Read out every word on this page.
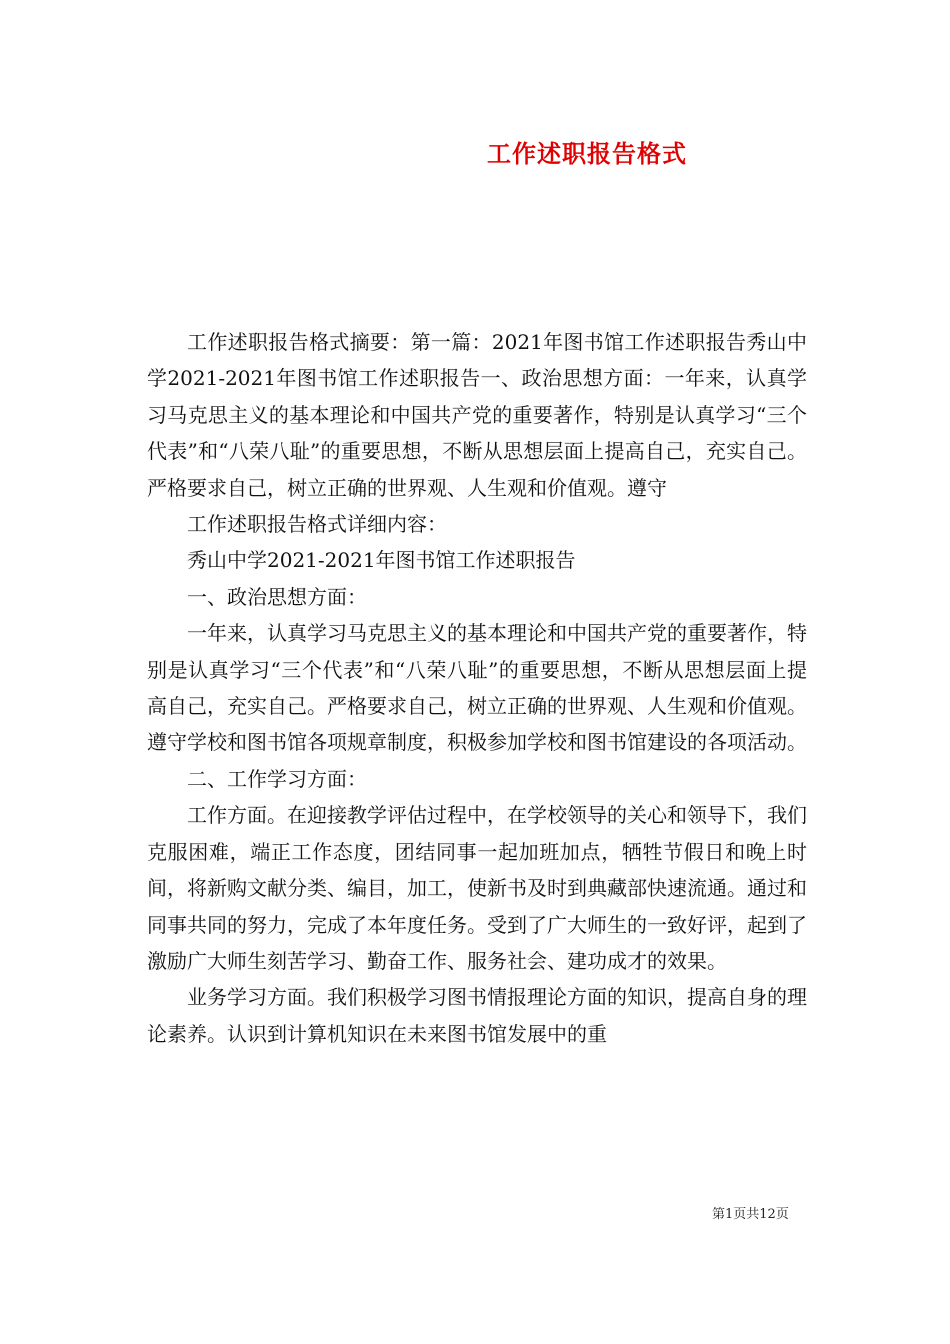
工作述职报告格式

工作述职报告格式摘要：第一篇：2021年图书馆工作述职报告秀山中学2021-2021年图书馆工作述职报告一、政治思想方面：一年来，认真学习马克思主义的基本理论和中国共产党的重要著作，特别是认真学习“三个代表”和“八荣八耻”的重要思想，不断从思想层面上提高自己，充实自己。严格要求自己，树立正确的世界观、人生观和价值观。遵守

工作述职报告格式详细内容：

秀山中学2021-2021年图书馆工作述职报告

一、政治思想方面：

一年来，认真学习马克思主义的基本理论和中国共产党的重要著作，特别是认真学习“三个代表”和“八荣八耻”的重要思想，不断从思想层面上提高自己，充实自己。严格要求自己，树立正确的世界观、人生观和价值观。遵守学校和图书馆各项规章制度，积极参加学校和图书馆建设的各项活动。

二、工作学习方面：

工作方面。在迎接教学评估过程中，在学校领导的关心和领导下，我们克服困难，端正工作态度，团结同事一起加班加点，牺牲节假日和晚上时间，将新购文献分类、编目，加工，使新书及时到典藏部快速流通。通过和同事共同的努力，完成了本年度任务。受到了广大师生的一致好评，起到了激励广大师生刻苦学习、勤奋工作、服务社会、建功成才的效果。

业务学习方面。我们积极学习图书情报理论方面的知识，提高自身的理论素养。认识到计算机知识在未来图书馆发展中的重

第1页共12页
